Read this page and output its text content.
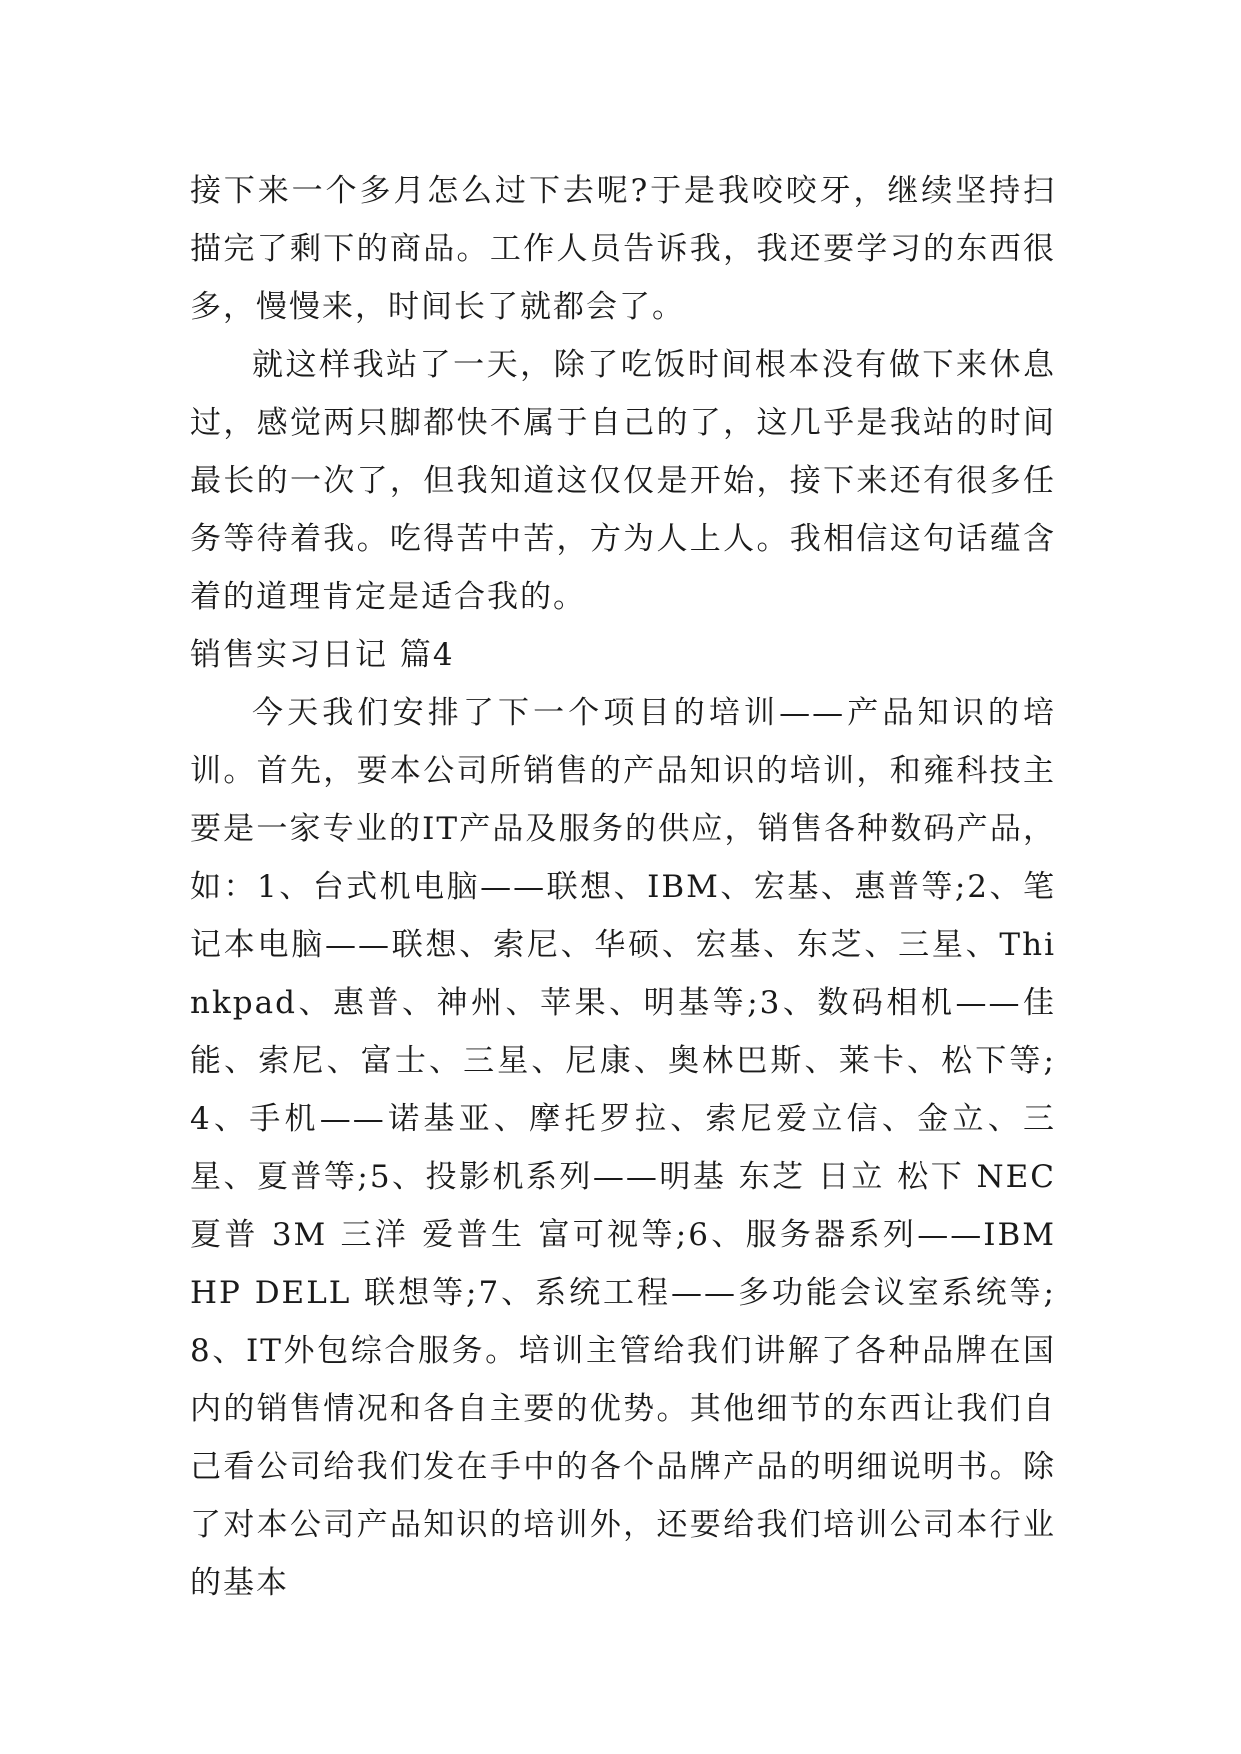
接下来一个多月怎么过下去呢?于是我咬咬牙，继续坚持扫描完了剩下的商品。工作人员告诉我，我还要学习的东西很多，慢慢来，时间长了就都会了。

就这样我站了一天，除了吃饭时间根本没有做下来休息过，感觉两只脚都快不属于自己的了，这几乎是我站的时间最长的一次了，但我知道这仅仅是开始，接下来还有很多任务等待着我。吃得苦中苦，方为人上人。我相信这句话蕴含着的道理肯定是适合我的。

销售实习日记 篇4

今天我们安排了下一个项目的培训——产品知识的培训。首先，要本公司所销售的产品知识的培训，和雍科技主要是一家专业的IT产品及服务的供应，销售各种数码产品，如：1、台式机电脑——联想、IBM、宏基、惠普等;2、笔记本电脑——联想、索尼、华硕、宏基、东芝、三星、Thinkpad、惠普、神州、苹果、明基等;3、数码相机——佳能、索尼、富士、三星、尼康、奥林巴斯、莱卡、松下等;4、手机——诺基亚、摩托罗拉、索尼爱立信、金立、三星、夏普等;5、投影机系列——明基 东芝 日立 松下 NEC 夏普 3M 三洋 爱普生 富可视等;6、服务器系列——IBM HP DELL 联想等;7、系统工程——多功能会议室系统等;8、IT外包综合服务。培训主管给我们讲解了各种品牌在国内的销售情况和各自主要的优势。其他细节的东西让我们自己看公司给我们发在手中的各个品牌产品的明细说明书。除了对本公司产品知识的培训外，还要给我们培训公司本行业的基本
